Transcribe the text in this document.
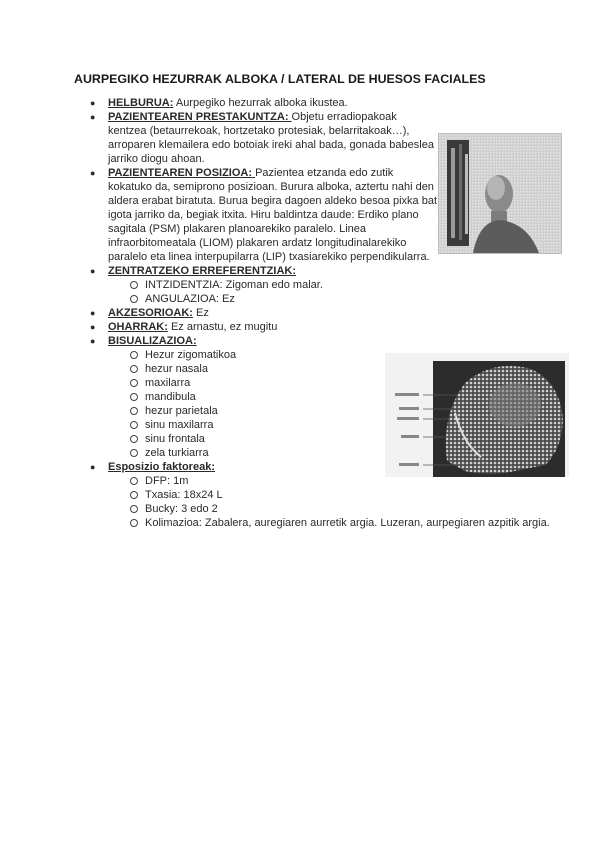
AURPEGIKO HEZURRAK ALBOKA / LATERAL DE HUESOS FACIALES
● HELBURUA: Aurpegiko hezurrak alboka ikustea.
● PAZIENTEAREN PRESTAKUNTZA: Objetu erradiopakoak kentzea (betaurrekoak, hortzetako protesiak, belarritakoak…), arroparen klemailera edo botoiak ireki ahal bada, gonada babeslea jarriko diogu ahoan.
● PAZIENTEAREN POSIZIOA: Pazientea etzanda edo zutik kokatuko da, semiprono posizioan. Burura alboka, aztertu nahi den aldera erabat biratuta. Burua begira dagoen aldeko besoa pixka bat igota jarriko da, begiak itxita. Hiru baldintza daude: Erdiko plano sagitala (PSM) plakaren planoarekiko paralelo. Linea infraorbitomeatala (LIOM) plakaren ardatz longitudinalarekiko paralelo eta linea interpupilarra (LIP) txasiarekiko perpendikularra.
● ZENTRATZEKO ERREFERENTZIAK:
INTZIDENTZIA: Zigoman edo malar.
ANGULAZIOA: Ez
● AKZESORIOAK: Ez
● OHARRAK: Ez arnastu, ez mugitu
● BISUALIZAZIOA:
Hezur zigomatikoa
hezur nasala
maxilarra
mandibula
hezur parietala
sinu maxilarra
sinu frontala
zela turkiarra
● Esposizio faktoreak:
DFP: 1m
Txasia: 18x24 L
Bucky: 3 edo 2
Kolimazioa: Zabalera, auregiaren aurretik argia. Luzeran, aurpegiaren azpitik argia.
